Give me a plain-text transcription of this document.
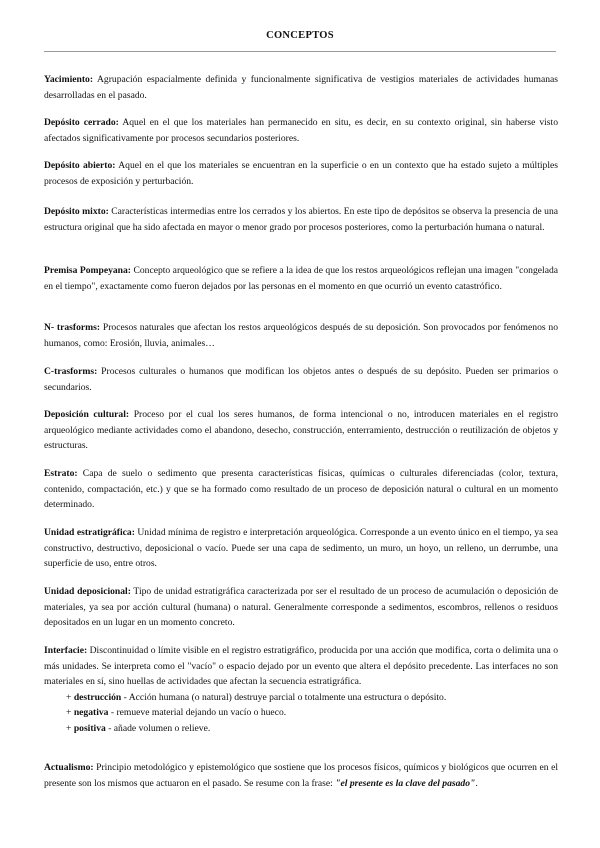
CONCEPTOS

Yacimiento: Agrupación espacialmente definida y funcionalmente significativa de vestigios materiales de actividades humanas desarrolladas en el pasado.

Depósito cerrado: Aquel en el que los materiales han permanecido en situ, es decir, en su contexto original, sin haberse visto afectados significativamente por procesos secundarios posteriores.

Depósito abierto: Aquel en el que los materiales se encuentran en la superficie o en un contexto que ha estado sujeto a múltiples procesos de exposición y perturbación.

Depósito mixto: Características intermedias entre los cerrados y los abiertos. En este tipo de depósitos se observa la presencia de una estructura original que ha sido afectada en mayor o menor grado por procesos posteriores, como la perturbación humana o natural.

Premisa Pompeyana: Concepto arqueológico que se refiere a la idea de que los restos arqueológicos reflejan una imagen "congelada en el tiempo", exactamente como fueron dejados por las personas en el momento en que ocurrió un evento catastrófico.

N- trasforms: Procesos naturales que afectan los restos arqueológicos después de su deposición. Son provocados por fenómenos no humanos, como: Erosión, lluvia, animales…

C-trasforms: Procesos culturales o humanos que modifican los objetos antes o después de su depósito. Pueden ser primarios o secundarios.

Deposición cultural: Proceso por el cual los seres humanos, de forma intencional o no, introducen materiales en el registro arqueológico mediante actividades como el abandono, desecho, construcción, enterramiento, destrucción o reutilización de objetos y estructuras.

Estrato: Capa de suelo o sedimento que presenta características físicas, químicas o culturales diferenciadas (color, textura, contenido, compactación, etc.) y que se ha formado como resultado de un proceso de deposición natural o cultural en un momento determinado.

Unidad estratigráfica: Unidad mínima de registro e interpretación arqueológica. Corresponde a un evento único en el tiempo, ya sea constructivo, destructivo, deposicional o vacío. Puede ser una capa de sedimento, un muro, un hoyo, un relleno, un derrumbe, una superficie de uso, entre otros.

Unidad deposicional: Tipo de unidad estratigráfica caracterizada por ser el resultado de un proceso de acumulación o deposición de materiales, ya sea por acción cultural (humana) o natural. Generalmente corresponde a sedimentos, escombros, rellenos o residuos depositados en un lugar en un momento concreto.

Interfacie: Discontinuidad o límite visible en el registro estratigráfico, producida por una acción que modifica, corta o delimita una o más unidades. Se interpreta como el "vacío" o espacio dejado por un evento que altera el depósito precedente. Las interfaces no son materiales en sí, sino huellas de actividades que afectan la secuencia estratigráfica.
+ destrucción - Acción humana (o natural) destruye parcial o totalmente una estructura o depósito.
+ negativa - remueve material dejando un vacío o hueco.
+ positiva - añade volumen o relieve.

Actualismo: Principio metodológico y epistemológico que sostiene que los procesos físicos, químicos y biológicos que ocurren en el presente son los mismos que actuaron en el pasado. Se resume con la frase: "el presente es la clave del pasado".
